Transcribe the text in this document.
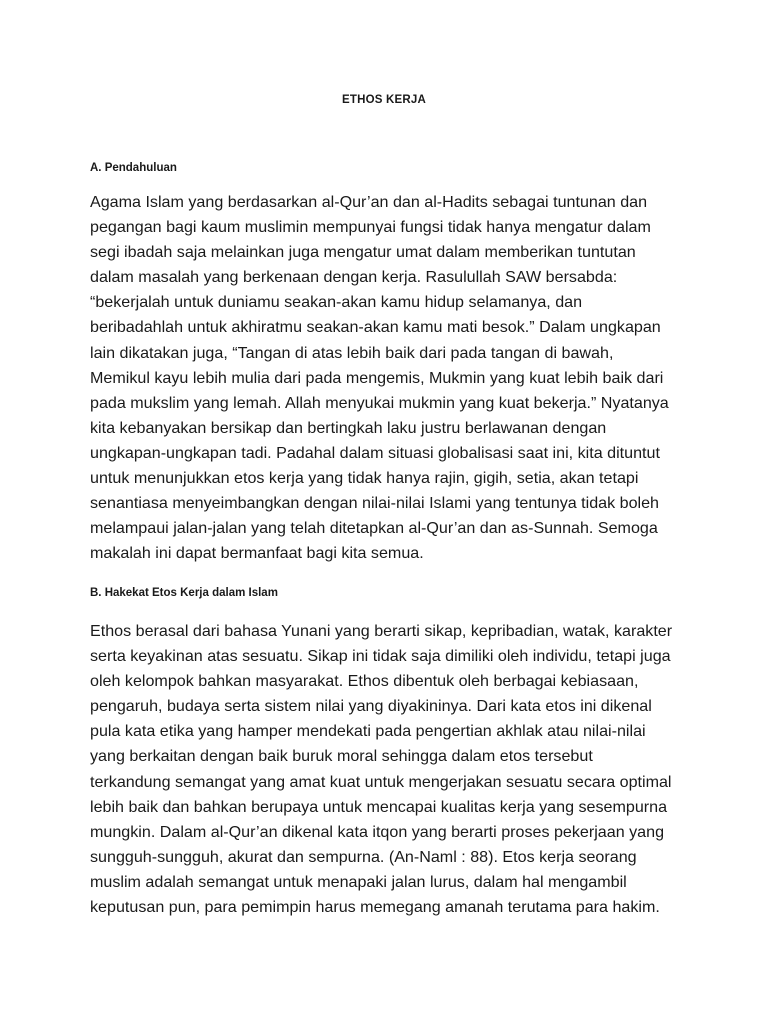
ETHOS KERJA
A. Pendahuluan

Agama Islam yang berdasarkan al-Qur’an dan al-Hadits sebagai tuntunan dan
pegangan bagi kaum muslimin mempunyai fungsi tidak hanya mengatur dalam
segi ibadah saja melainkan juga mengatur umat dalam memberikan tuntutan
dalam masalah yang berkenaan dengan kerja. Rasulullah SAW bersabda:
“bekerjalah untuk duniamu seakan-akan kamu hidup selamanya, dan
beribadahlah untuk akhiratmu seakan-akan kamu mati besok.” Dalam ungkapan
lain dikatakan juga, “Tangan di atas lebih baik dari pada tangan di bawah,
Memikul kayu lebih mulia dari pada mengemis, Mukmin yang kuat lebih baik dari
pada mukslim yang lemah. Allah menyukai mukmin yang kuat bekerja.” Nyatanya
kita kebanyakan bersikap dan bertingkah laku justru berlawanan dengan
ungkapan-ungkapan tadi. Padahal dalam situasi globalisasi saat ini, kita dituntut
untuk menunjukkan etos kerja yang tidak hanya rajin, gigih, setia, akan tetapi
senantiasa menyeimbangkan dengan nilai-nilai Islami yang tentunya tidak boleh
melampaui jalan-jalan yang telah ditetapkan al-Qur’an dan as-Sunnah. Semoga
makalah ini dapat bermanfaat bagi kita semua.

B. Hakekat Etos Kerja dalam Islam

Ethos berasal dari bahasa Yunani yang berarti sikap, kepribadian, watak, karakter
serta keyakinan atas sesuatu. Sikap ini tidak saja dimiliki oleh individu, tetapi juga
oleh kelompok bahkan masyarakat. Ethos dibentuk oleh berbagai kebiasaan,
pengaruh, budaya serta sistem nilai yang diyakininya. Dari kata etos ini dikenal
pula kata etika yang hamper mendekati pada pengertian akhlak atau nilai-nilai
yang berkaitan dengan baik buruk moral sehingga dalam etos tersebut
terkandung semangat yang amat kuat untuk mengerjakan sesuatu secara optimal
lebih baik dan bahkan berupaya untuk mencapai kualitas kerja yang sesempurna
mungkin. Dalam al-Qur’an dikenal kata itqon yang berarti proses pekerjaan yang
sungguh-sungguh, akurat dan sempurna. (An-Naml : 88). Etos kerja seorang
muslim adalah semangat untuk menapaki jalan lurus, dalam hal mengambil
keputusan pun, para pemimpin harus memegang amanah terutama para hakim.
